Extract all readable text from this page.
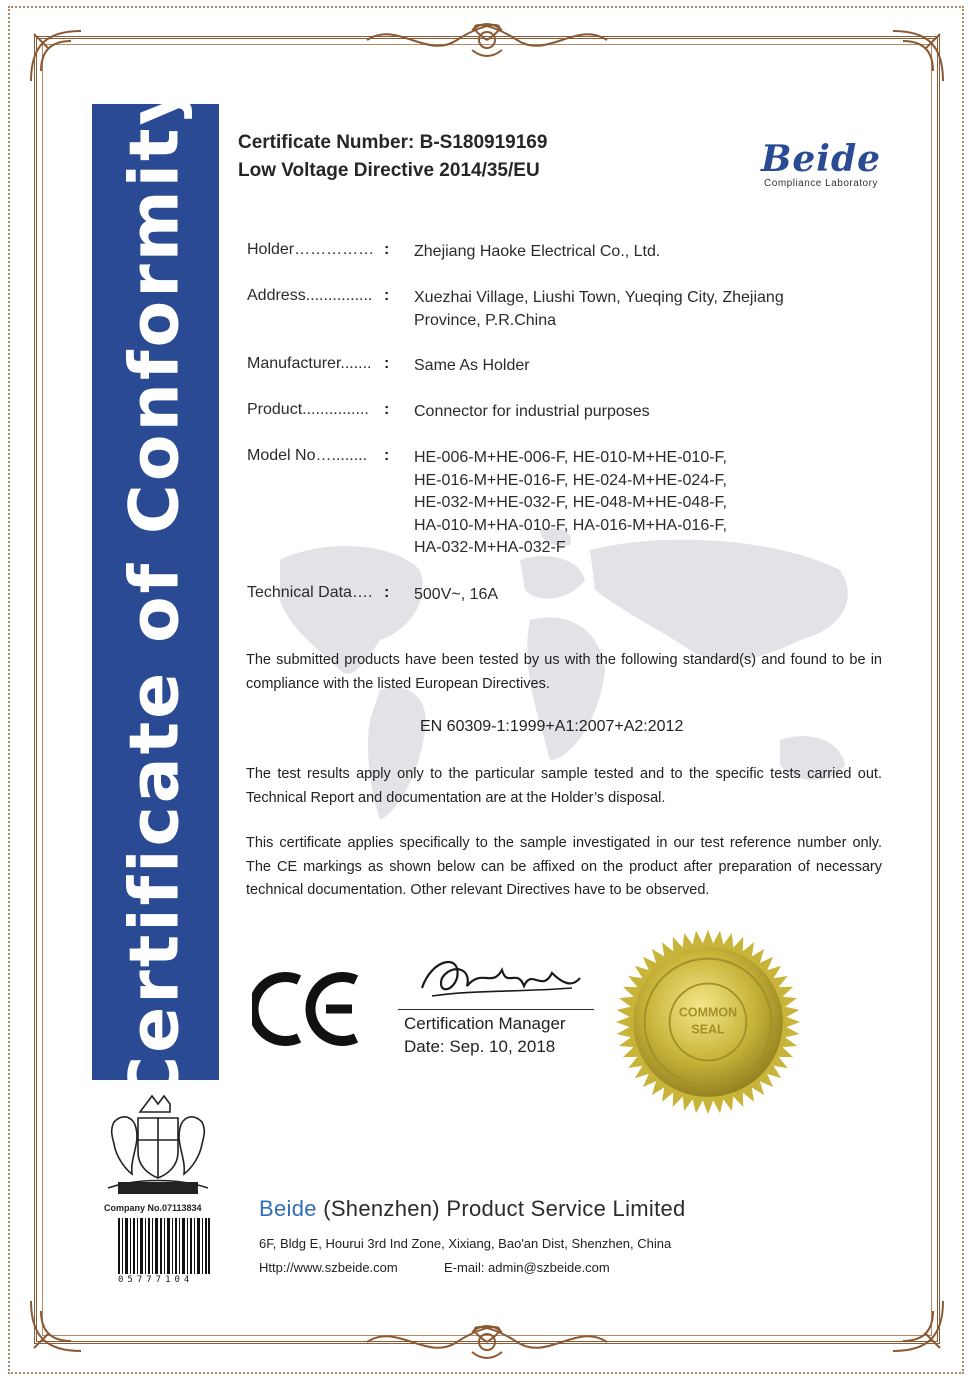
Certificate of Conformity Certificate Number: B-S180919169
Low Voltage Directive 2014/35/EU	Beide
Compliance Laboratory
Holder…………… : Zhejiang Haoke Electrical Co., Ltd.
Address............... : Xuezhai Village, Liushi Town, Yueqing City, Zhejiang
Province, P.R.China
Manufacturer....... : Same As Holder
Product............... : Connector for industrial purposes
Model No…........ : HE-006-M+HE-006-F, HE-010-M+HE-010-F,
HE-016-M+HE-016-F, HE-024-M+HE-024-F,
HE-032-M+HE-032-F, HE-048-M+HE-048-F,
HA-010-M+HA-010-F, HA-016-M+HA-016-F,
HA-032-M+HA-032-F
Technical Data…. : 500V~, 16A
The submitted products have been tested by us with the following standard(s) and found to be in compliance with the listed European Directives.
EN 60309-1:1999+A1:2007+A2:2012
The test results apply only to the particular sample tested and to the specific tests carried out. Technical Report and documentation are at the Holder’s disposal.
This certificate applies specifically to the sample investigated in our test reference number only. The CE markings as shown below can be affixed on the product after preparation of necessary technical documentation. Other relevant Directives have to be observed.
Certification Manager
Date: Sep. 10, 2018
COMMON
SEAL
Company No.07113834
05777104
Beide (Shenzhen) Product Service Limited
6F, Bldg E, Hourui 3rd Ind Zone, Xixiang, Bao'an Dist, Shenzhen, China
Http://www.szbeide.com	E-mail: admin@szbeide.com
